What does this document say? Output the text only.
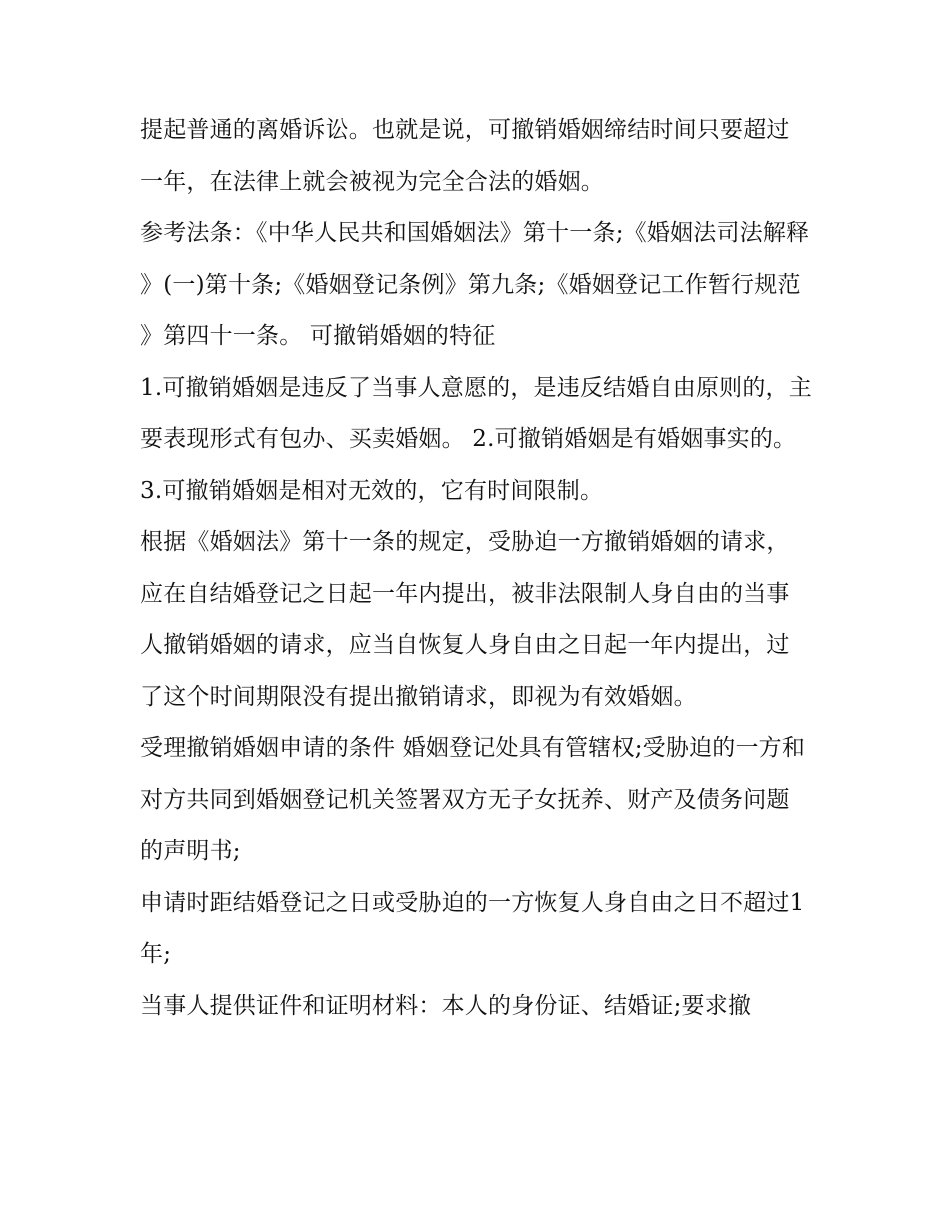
提起普通的离婚诉讼。也就是说，可撤销婚姻缔结时间只要超过一年，在法律上就会被视为完全合法的婚姻。

参考法条：《中华人民共和国婚姻法》第十一条;《婚姻法司法解释》(一)第十条;《婚姻登记条例》第九条;《婚姻登记工作暂行规范》第四十一条。 可撤销婚姻的特征

1.可撤销婚姻是违反了当事人意愿的，是违反结婚自由原则的，主要表现形式有包办、买卖婚姻。 2.可撤销婚姻是有婚姻事实的。

3.可撤销婚姻是相对无效的，它有时间限制。

根据《婚姻法》第十一条的规定，受胁迫一方撤销婚姻的请求，应在自结婚登记之日起一年内提出，被非法限制人身自由的当事人撤销婚姻的请求，应当自恢复人身自由之日起一年内提出，过了这个时间期限没有提出撤销请求，即视为有效婚姻。

受理撤销婚姻申请的条件 婚姻登记处具有管辖权;受胁迫的一方和对方共同到婚姻登记机关签署双方无子女抚养、财产及债务问题的声明书;

申请时距结婚登记之日或受胁迫的一方恢复人身自由之日不超过1年;

当事人提供证件和证明材料：本人的身份证、结婚证;要求撤
